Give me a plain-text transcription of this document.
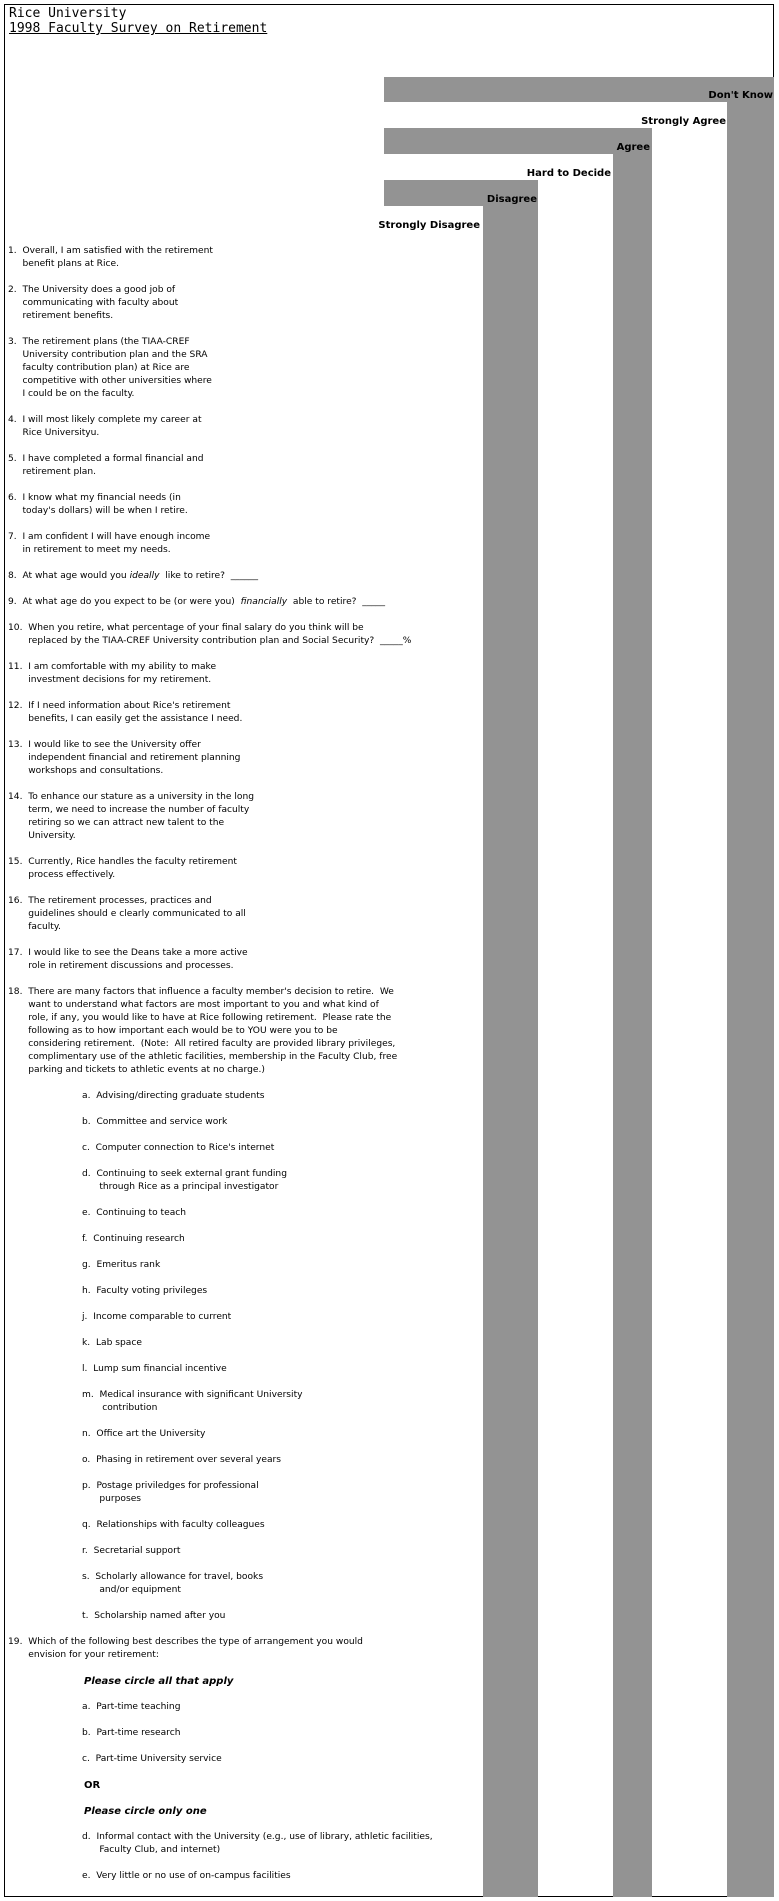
Rice University
1998 Faculty Survey on Retirement
Don't Know
Strongly Agree
Agree
Hard to Decide
Disagree
Strongly Disagree
1.  Overall, I am satisfied with the retirement
benefit plans at Rice.
2.  The University does a good job of
communicating with faculty about
retirement benefits.
3.  The retirement plans (the TIAA-CREF
University contribution plan and the SRA
faculty contribution plan) at Rice are
competitive with other universities where
I could be on the faculty.
4.  I will most likely complete my career at
Rice Universityu.
5.  I have completed a formal financial and
retirement plan.
6.  I know what my financial needs (in
today's dollars) will be when I retire.
7.  I am confident I will have enough income
in retirement to meet my needs.
8.  At what age would you ideally  like to retire?  ______
9.  At what age do you expect to be (or were you)  financially  able to retire?  _____
10.  When you retire, what percentage of your final salary do you think will be
replaced by the TIAA-CREF University contribution plan and Social Security?  _____%
11.  I am comfortable with my ability to make
investment decisions for my retirement.
12.  If I need information about Rice's retirement
benefits, I can easily get the assistance I need.
13.  I would like to see the University offer
independent financial and retirement planning
workshops and consultations.
14.  To enhance our stature as a university in the long
term, we need to increase the number of faculty
retiring so we can attract new talent to the
University.
15.  Currently, Rice handles the faculty retirement
process effectively.
16.  The retirement processes, practices and
guidelines should e clearly communicated to all
faculty.
17.  I would like to see the Deans take a more active
role in retirement discussions and processes.
18.  There are many factors that influence a faculty member's decision to retire.  We
want to understand what factors are most important to you and what kind of
role, if any, you would like to have at Rice following retirement.  Please rate the
following as to how important each would be to YOU were you to be
considering retirement.  (Note:  All retired faculty are provided library privileges,
complimentary use of the athletic facilities, membership in the Faculty Club, free
parking and tickets to athletic events at no charge.)
a.  Advising/directing graduate students
b.  Committee and service work
c.  Computer connection to Rice's internet
d.  Continuing to seek external grant funding
through Rice as a principal investigator
e.  Continuing to teach
f.  Continuing research
g.  Emeritus rank
h.  Faculty voting privileges
j.  Income comparable to current
k.  Lab space
l.  Lump sum financial incentive
m.  Medical insurance with significant University
contribution
n.  Office art the University
o.  Phasing in retirement over several years
p.  Postage priviledges for professional
purposes
q.  Relationships with faculty colleagues
r.  Secretarial support
s.  Scholarly allowance for travel, books
and/or equipment
t.  Scholarship named after you
19.  Which of the following best describes the type of arrangement you would
envision for your retirement:
Please circle all that apply
a.  Part-time teaching
b.  Part-time research
c.  Part-time University service
OR
Please circle only one
d.  Informal contact with the University (e.g., use of library, athletic facilities,
Faculty Club, and internet)
e.  Very little or no use of on-campus facilities
